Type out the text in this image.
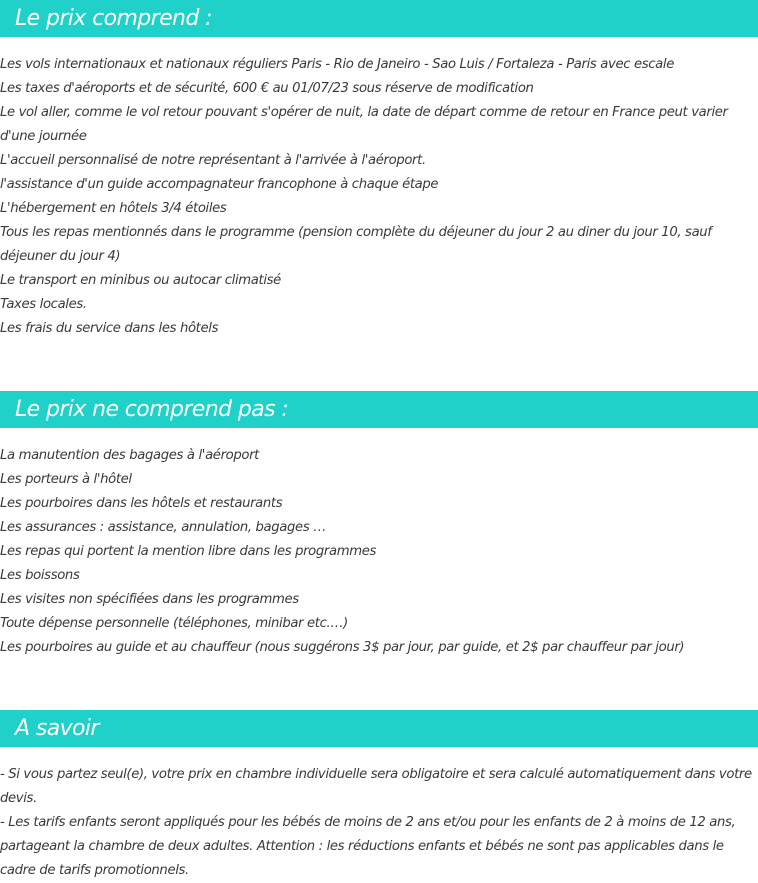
Le prix comprend :
Les vols internationaux et nationaux réguliers Paris - Rio de Janeiro - Sao Luis / Fortaleza - Paris avec escale
Les taxes d'aéroports et de sécurité, 600 € au 01/07/23 sous réserve de modification
Le vol aller, comme le vol retour pouvant s'opérer de nuit, la date de départ comme de retour en France peut varier d'une journée
L'accueil personnalisé de notre représentant à l'arrivée à l'aéroport.
l'assistance d'un guide accompagnateur francophone à chaque étape
L'hébergement en hôtels 3/4 étoiles
Tous les repas mentionnés dans le programme (pension complète du déjeuner du jour 2 au diner du jour 10, sauf déjeuner du jour 4)
Le transport en minibus ou autocar climatisé
Taxes locales.
Les frais du service dans les hôtels
Le prix ne comprend pas :
La manutention des bagages à l'aéroport
Les porteurs à l'hôtel
Les pourboires dans les hôtels et restaurants
Les assurances : assistance, annulation, bagages …
Les repas qui portent la mention libre dans les programmes
Les boissons
Les visites non spécifiées dans les programmes
Toute dépense personnelle (téléphones, minibar etc.…)
Les pourboires au guide et au chauffeur (nous suggérons 3$ par jour, par guide, et 2$ par chauffeur par jour)
A savoir
- Si vous partez seul(e), votre prix en chambre individuelle sera obligatoire et sera calculé automatiquement dans votre devis.
- Les tarifs enfants seront appliqués pour les bébés de moins de 2 ans et/ou pour les enfants de 2 à moins de 12 ans, partageant la chambre de deux adultes. Attention : les réductions enfants et bébés ne sont pas applicables dans le cadre de tarifs promotionnels.
